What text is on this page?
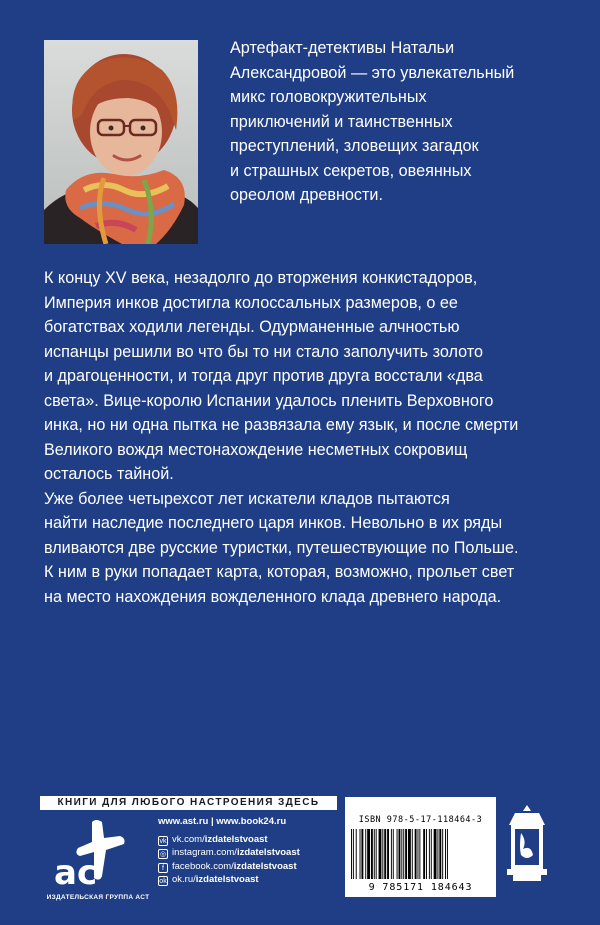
Артефакт-детективы Натальи
Александровой — это увлекательный
микс головокружительных
приключений и таинственных
преступлений, зловещих загадок
и страшных секретов, овеянных
ореолом древности.

К концу XV века, незадолго до вторжения конкистадоров,
Империя инков достигла колоссальных размеров, о ее
богатствах ходили легенды. Одурманенные алчностью
испанцы решили во что бы то ни стало заполучить золото
и драгоценности, и тогда друг против друга восстали «два
света». Вице-королю Испании удалось пленить Верховного
инка, но ни одна пытка не развязала ему язык, и после смерти
Великого вождя местонахождение несметных сокровищ
осталось тайной.
Уже более четырехсот лет искатели кладов пытаются
найти наследие последнего царя инков. Невольно в их ряды
вливаются две русские туристки, путешествующие по Польше.
К ним в руки попадает карта, которая, возможно, прольет свет
на место нахождения вожделенного клада древнего народа.

КНИГИ ДЛЯ ЛЮБОГО НАСТРОЕНИЯ ЗДЕСЬ
ac
ИЗДАТЕЛЬСКАЯ ГРУППА АСТ
www.ast.ru | www.book24.ru
vk vk.com/izdatelstvoast
◎ instagram.com/izdatelstvoast
f facebook.com/izdatelstvoast
ok ok.ru/izdatelstvoast
ISBN 978-5-17-118464-3
9 785171 184643
